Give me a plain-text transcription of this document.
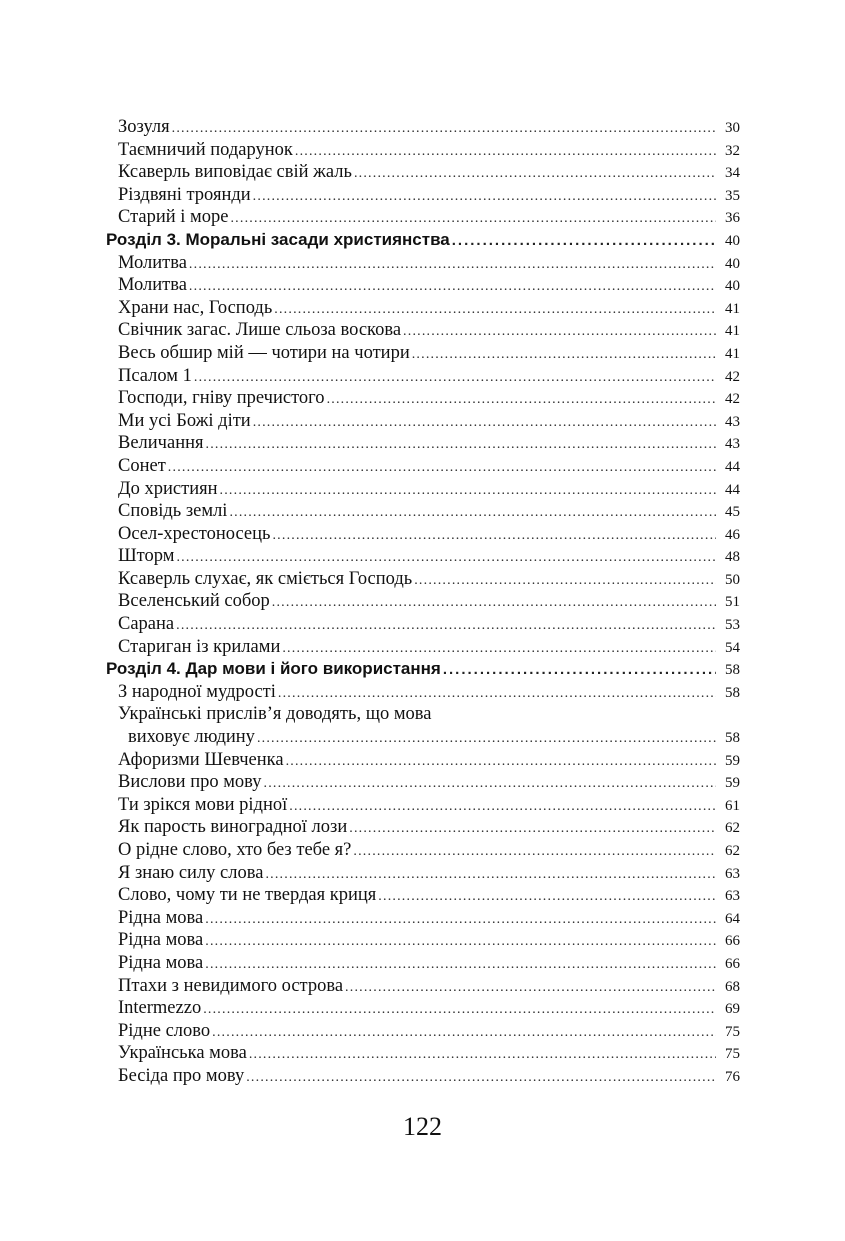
Зозуля .....	30
Таємничий подарунок .....	32
Ксаверль виповідає свій жаль .....	34
Різдвяні троянди .....	35
Старий і море .....	36
Розділ 3. Моральні засади християнства .....	40
Молитва .....	40
Молитва .....	40
Храни нас, Господь .....	41
Свічник загас. Лише сльоза воскова .....	41
Весь обшир мій — чотири на чотири .....	41
Псалом 1 .....	42
Господи, гніву пречистого .....	42
Ми усі Божі діти .....	43
Величання .....	43
Сонет .....	44
До християн .....	44
Сповідь землі .....	45
Осел-хрестоносець .....	46
Шторм .....	48
Ксаверль слухає, як сміється Господь .....	50
Вселенський собор .....	51
Сарана .....	53
Стариган із крилами .....	54
Розділ 4. Дар мови і його використання .....	58
З народної мудрості .....	58
Українські прислів’я доводять, що мова
виховує людину .....	58
Афоризми Шевченка .....	59
Вислови про мову .....	59
Ти зрікся мови рідної .....	61
Як парость виноградної лози .....	62
О рідне слово, хто без тебе я? .....	62
Я знаю силу слова .....	63
Слово, чому ти не твердая криця .....	63
Рідна мова .....	64
Рідна мова .....	66
Рідна мова .....	66
Птахи з невидимого острова .....	68
Intermezzo .....	69
Рідне слово .....	75
Українська мова .....	75
Бесіда про мову .....	76
122
